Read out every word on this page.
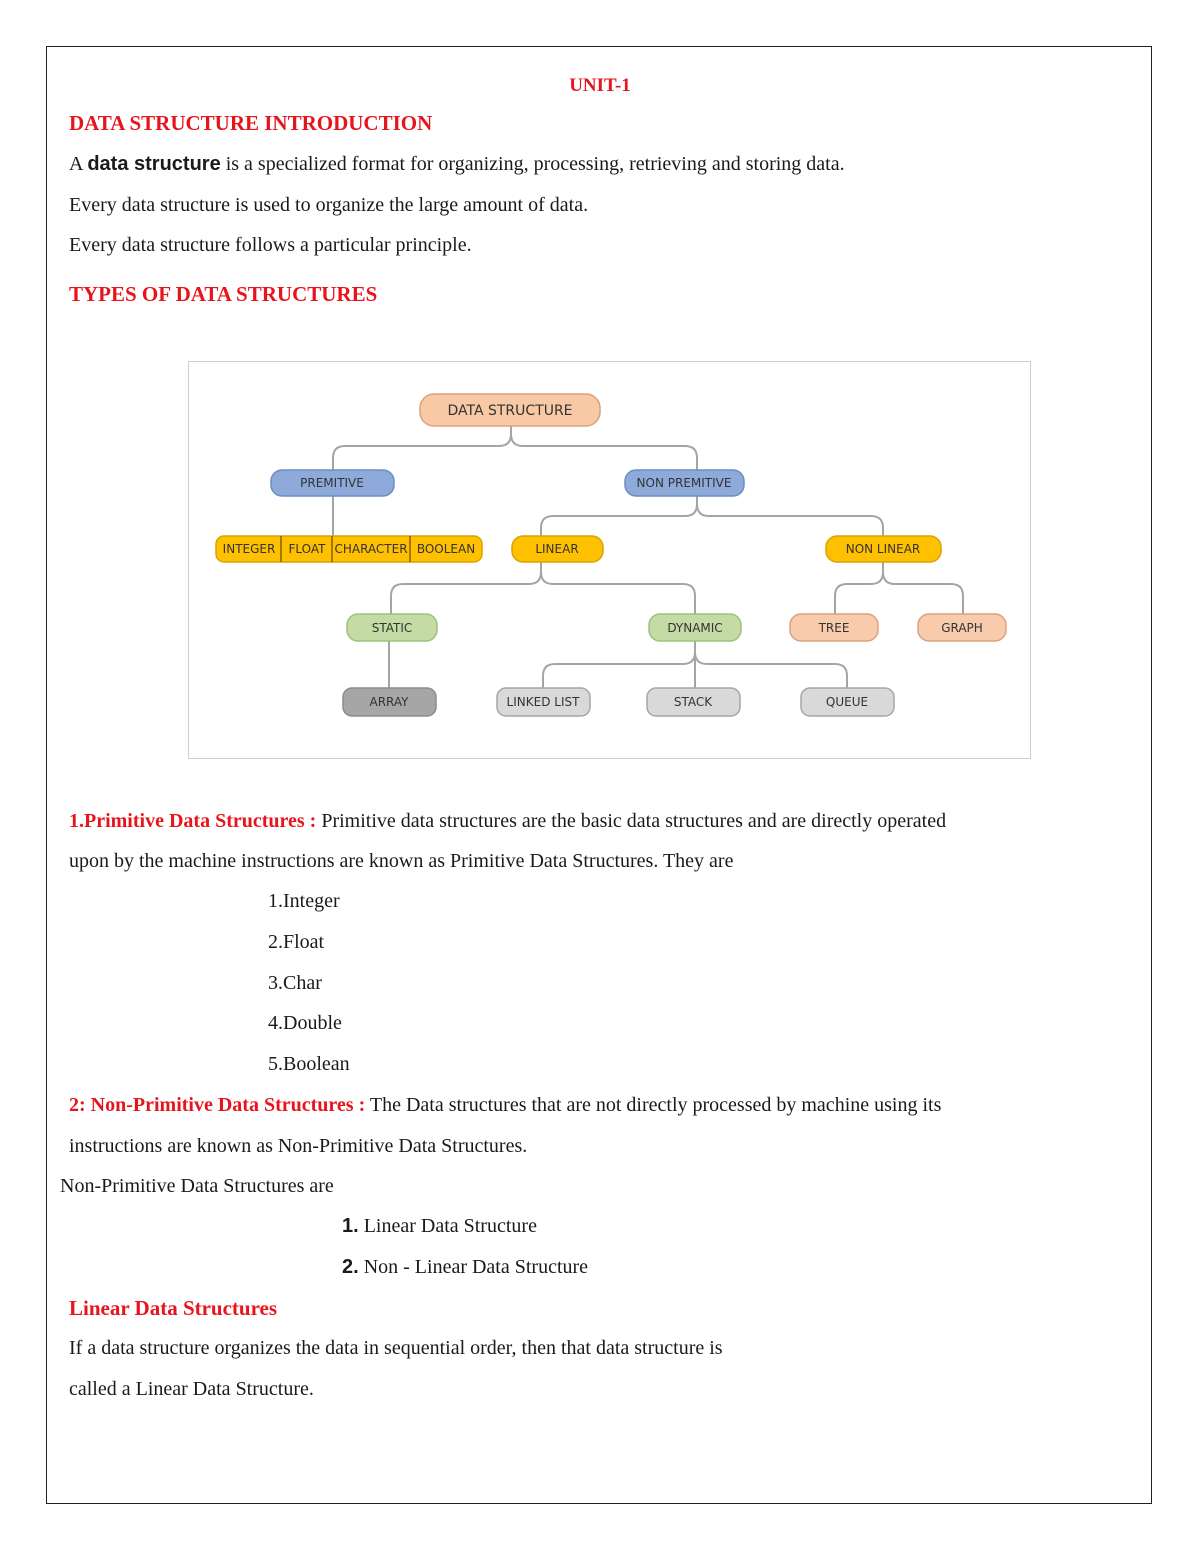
UNIT-1
DATA STRUCTURE INTRODUCTION
A data structure is a specialized format for organizing, processing, retrieving and storing data.
Every data structure is used to organize the large amount of data.
Every data structure follows a particular principle.
TYPES OF DATA STRUCTURES
DATA STRUCTURE
PREMITIVE	NON PREMITIVE
INTEGER FLOAT CHARACTER BOOLEAN	LINEAR	NON LINEAR
STATIC	DYNAMIC	TREE	GRAPH
ARRAY	LINKED LIST	STACK	QUEUE
1.Primitive Data Structures : Primitive data structures are the basic data structures and are directly operated
upon by the machine instructions are known as Primitive Data Structures. They are
1.Integer
2.Float
3.Char
4.Double
5.Boolean
2: Non-Primitive Data Structures : The Data structures that are not directly processed by machine using its
instructions are known as Non-Primitive Data Structures.
Non-Primitive Data Structures are
1. Linear Data Structure
2. Non - Linear Data Structure
Linear Data Structures
If a data structure organizes the data in sequential order, then that data structure is
called a Linear Data Structure.
